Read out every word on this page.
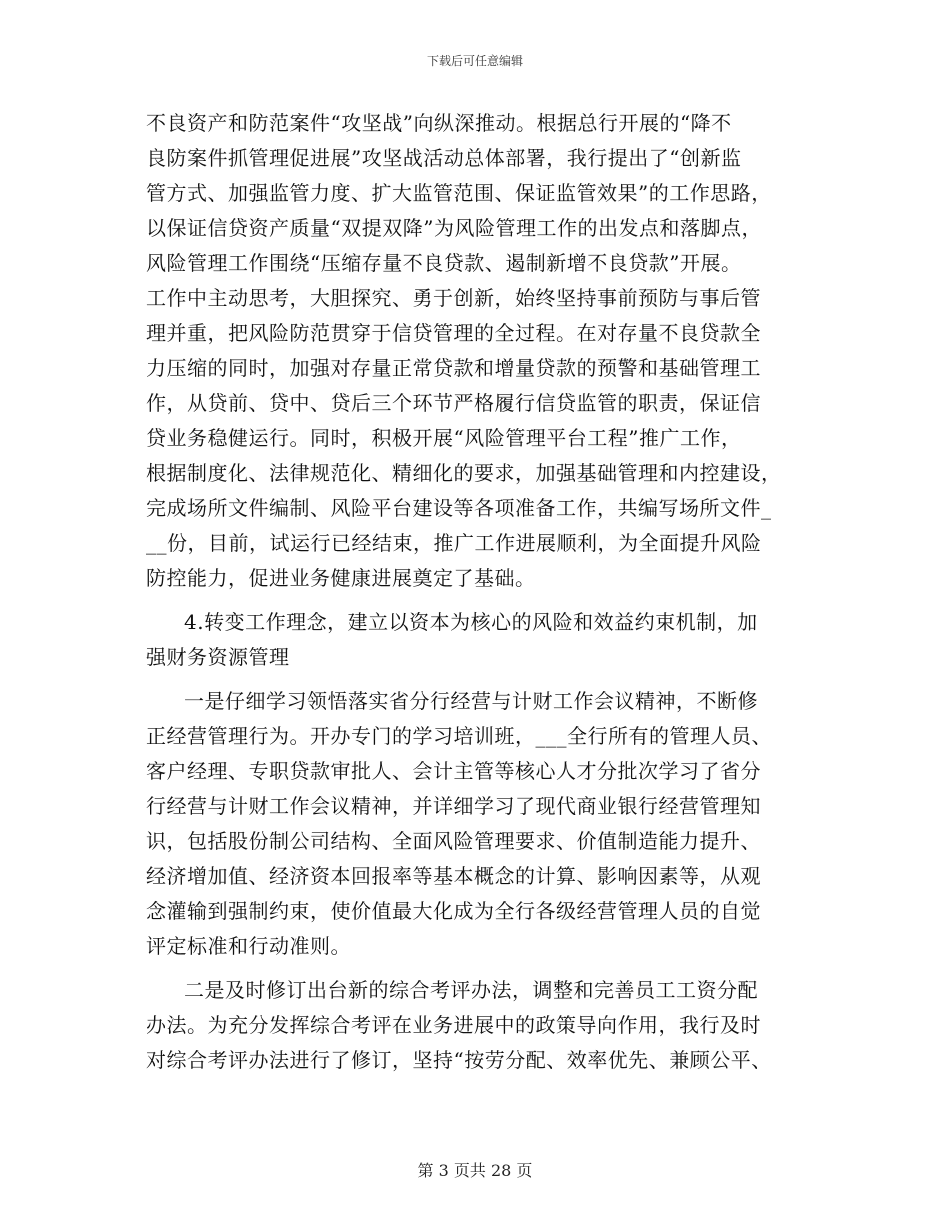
下载后可任意编辑
不良资产和防范案件“攻坚战”向纵深推动。根据总行开展的“降不
良防案件抓管理促进展”攻坚战活动总体部署，我行提出了“创新监
管方式、加强监管力度、扩大监管范围、保证监管效果”的工作思路，
以保证信贷资产质量“双提双降”为风险管理工作的出发点和落脚点，
风险管理工作围绕“压缩存量不良贷款、遏制新增不良贷款”开展。
工作中主动思考，大胆探究、勇于创新，始终坚持事前预防与事后管
理并重，把风险防范贯穿于信贷管理的全过程。在对存量不良贷款全
力压缩的同时，加强对存量正常贷款和增量贷款的预警和基础管理工
作，从贷前、贷中、贷后三个环节严格履行信贷监管的职责，保证信
贷业务稳健运行。同时，积极开展“风险管理平台工程”推广工作，
根据制度化、法律规范化、精细化的要求，加强基础管理和内控建设，
完成场所文件编制、风险平台建设等各项准备工作，共编写场所文件_
__份，目前，试运行已经结束，推广工作进展顺利，为全面提升风险
防控能力，促进业务健康进展奠定了基础。
4.转变工作理念，建立以资本为核心的风险和效益约束机制，加
强财务资源管理
一是仔细学习领悟落实省分行经营与计财工作会议精神，不断修
正经营管理行为。开办专门的学习培训班，___全行所有的管理人员、
客户经理、专职贷款审批人、会计主管等核心人才分批次学习了省分
行经营与计财工作会议精神，并详细学习了现代商业银行经营管理知
识，包括股份制公司结构、全面风险管理要求、价值制造能力提升、
经济增加值、经济资本回报率等基本概念的计算、影响因素等，从观
念灌输到强制约束，使价值最大化成为全行各级经营管理人员的自觉
评定标准和行动准则。
二是及时修订出台新的综合考评办法，调整和完善员工工资分配
办法。为充分发挥综合考评在业务进展中的政策导向作用，我行及时
对综合考评办法进行了修订，坚持“按劳分配、效率优先、兼顾公平、
第 3 页共 28 页
